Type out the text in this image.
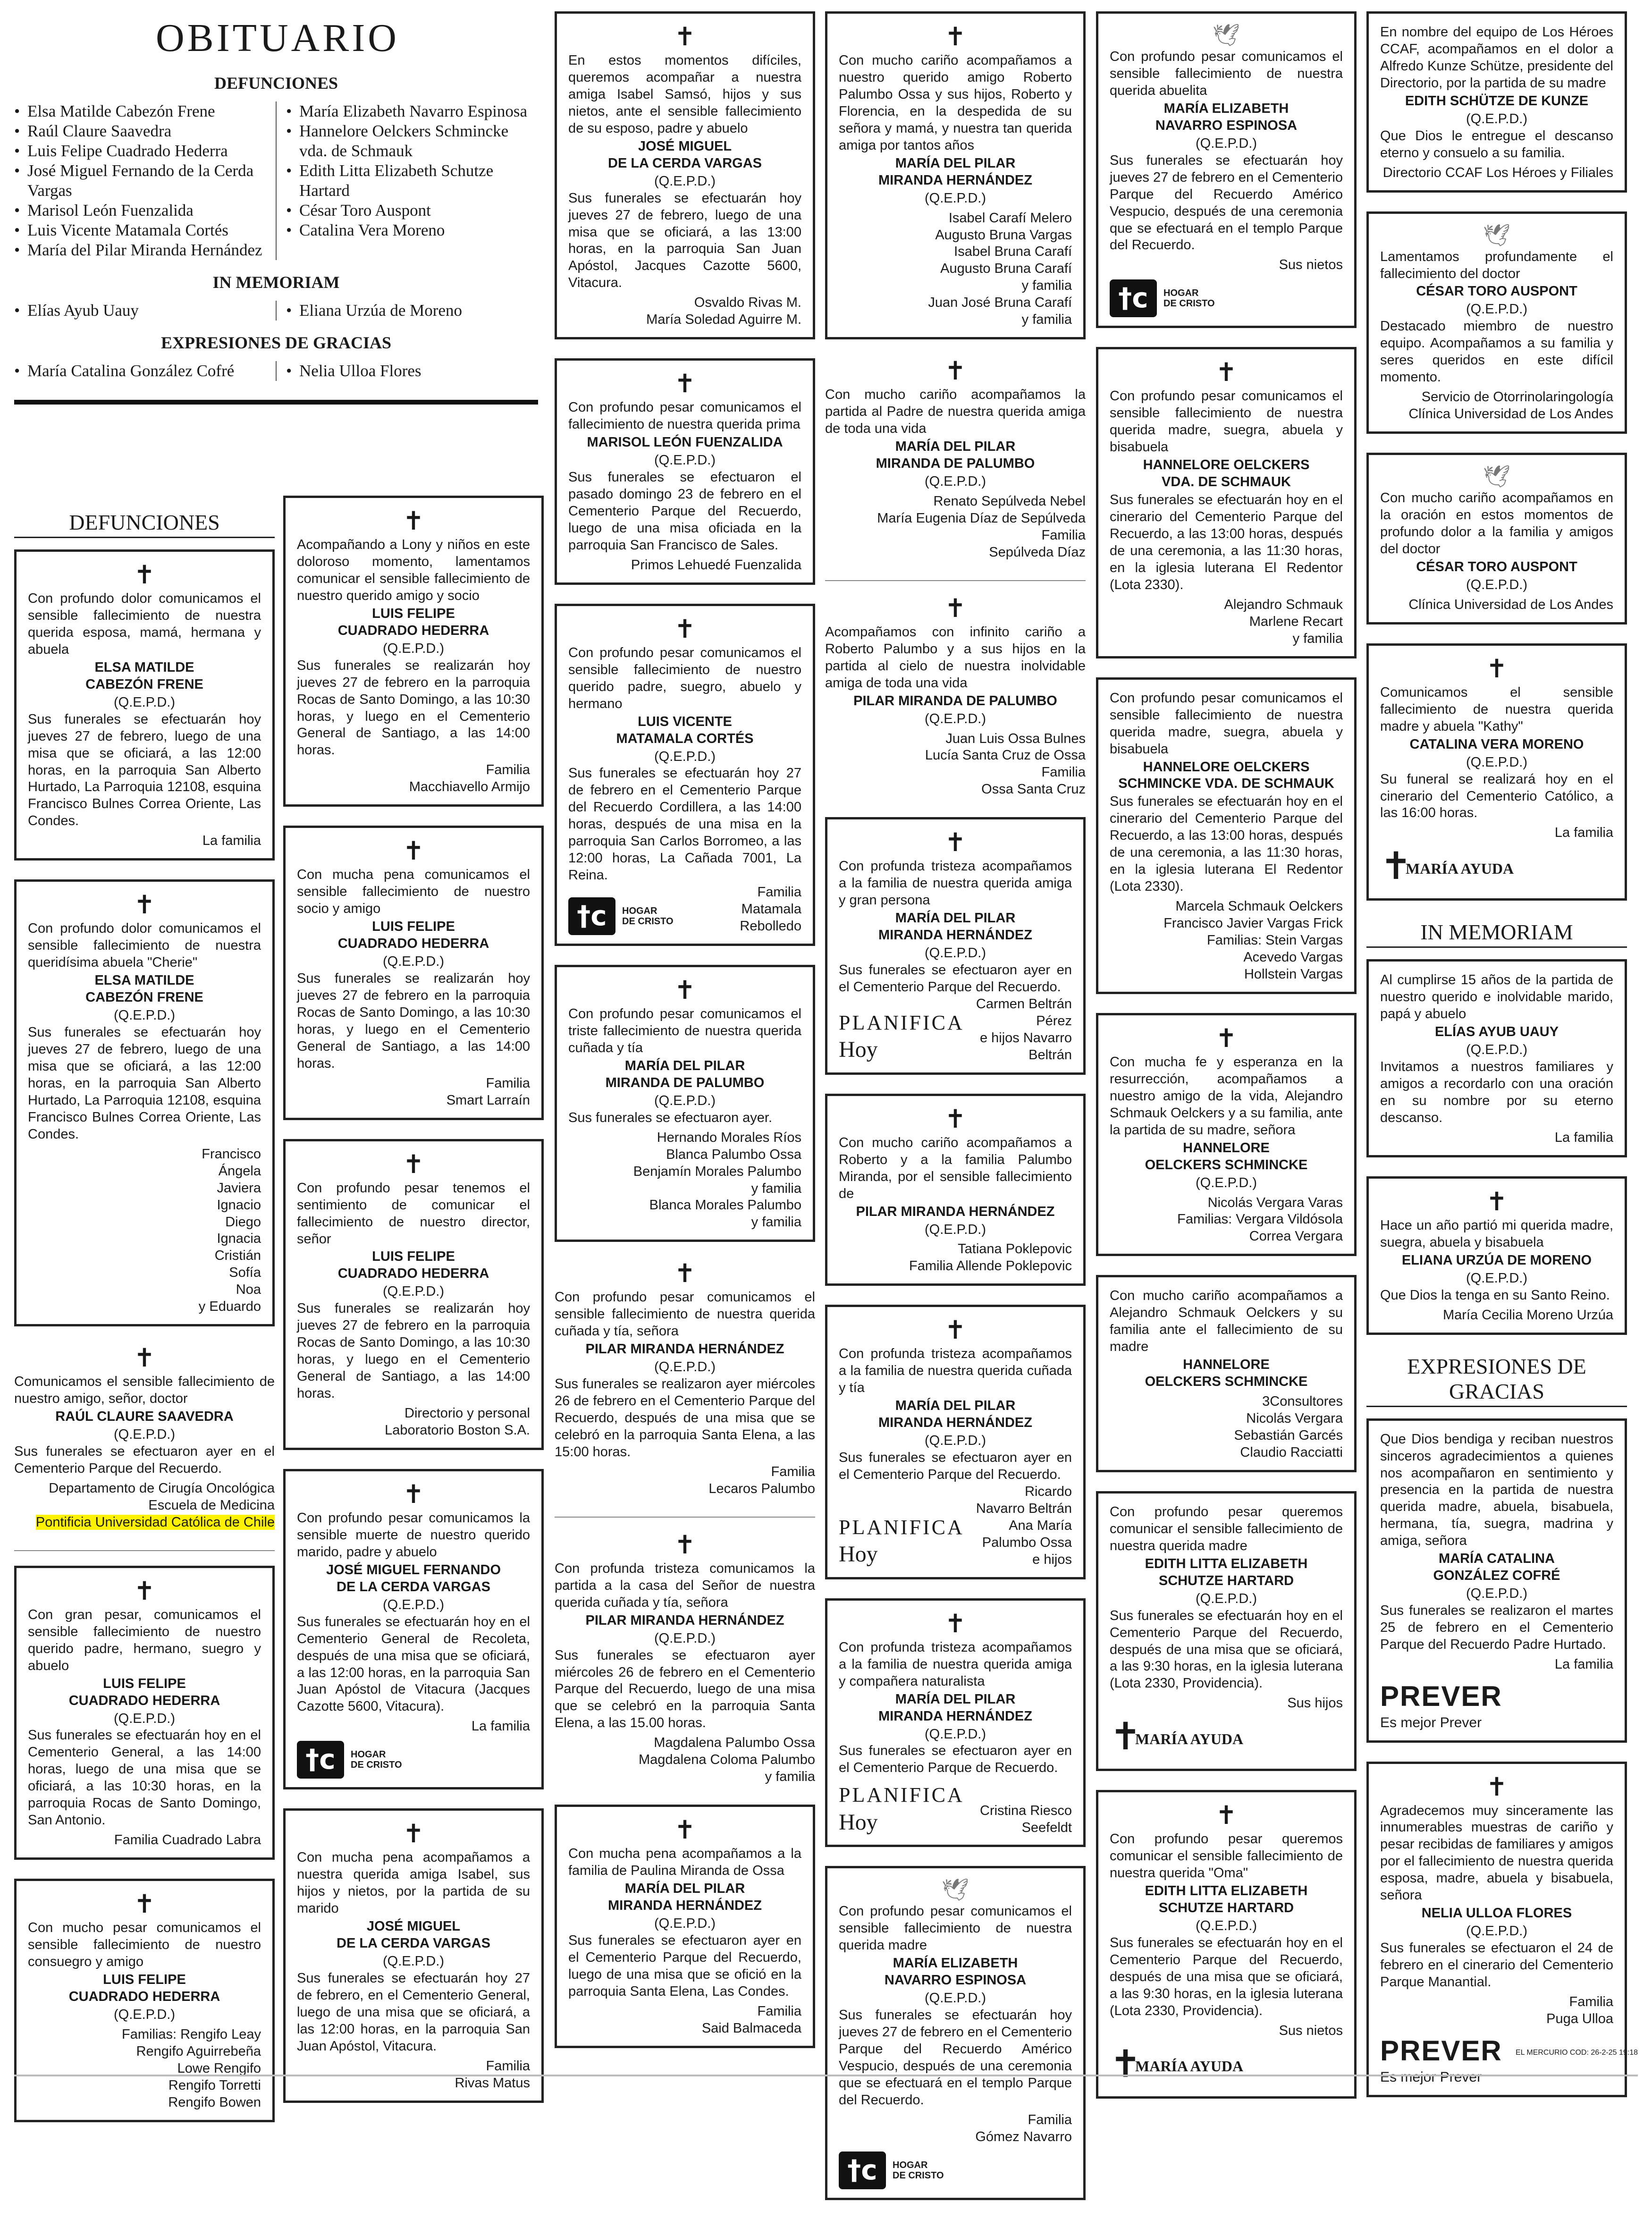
OBITUARIO
DEFUNCIONES
• Elsa Matilde Cabezón Frene
• Raúl Claure Saavedra
• Luis Felipe Cuadrado Hederra
• José Miguel Fernando de la Cerda Vargas
• Marisol León Fuenzalida
• Luis Vicente Matamala Cortés
• María del Pilar Miranda Hernández
• María Elizabeth Navarro Espinosa
• Hannelore Oelckers Schmincke vda. de Schmauk
• Edith Litta Elizabeth Schutze Hartard
• César Toro Auspont
• Catalina Vera Moreno
IN MEMORIAM
• Elías Ayub Uauy	• Eliana Urzúa de Moreno
EXPRESIONES DE GRACIAS
• María Catalina González Cofré	• Nelia Ulloa Flores
DEFUNCIONES
✝

Con profundo dolor comunicamos el sensible fallecimiento de nuestra querida esposa, mamá, hermana y abuela

ELSA MATILDE
CABEZÓN FRENE
(Q.E.P.D.)

Sus funerales se efectuarán hoy jueves 27 de febrero, luego de una misa que se oficiará, a las 12:00 horas, en la parroquia San Alberto Hurtado, La Parroquia 12108, esquina Francisco Bulnes Correa Oriente, Las Condes.

La familia
✝

Con profundo dolor comunicamos el sensible fallecimiento de nuestra queridísima abuela "Cherie"

ELSA MATILDE
CABEZÓN FRENE
(Q.E.P.D.)

Sus funerales se efectuarán hoy jueves 27 de febrero, luego de una misa que se oficiará, a las 12:00 horas, en la parroquia San Alberto Hurtado, La Parroquia 12108, esquina Francisco Bulnes Correa Oriente, Las Condes.

Francisco
Ángela
Javiera
Ignacio
Diego
Ignacia
Cristián
Sofía
Noa
y Eduardo
✝

Comunicamos el sensible fallecimiento de nuestro amigo, señor, doctor

RAÚL CLAURE SAAVEDRA
(Q.E.P.D.)

Sus funerales se efectuaron ayer en el Cementerio Parque del Recuerdo.

Departamento de Cirugía Oncológica
Escuela de Medicina
Pontificia Universidad Católica de Chile
✝

Con gran pesar, comunicamos el sensible fallecimiento de nuestro querido padre, hermano, suegro y abuelo

LUIS FELIPE
CUADRADO HEDERRA
(Q.E.P.D.)

Sus funerales se efectuarán hoy en el Cementerio General, a las 14:00 horas, luego de una misa que se oficiará, a las 10:30 horas, en la parroquia Rocas de Santo Domingo, San Antonio.

Familia Cuadrado Labra
✝

Con mucho pesar comunicamos el sensible fallecimiento de nuestro consuegro y amigo

LUIS FELIPE
CUADRADO HEDERRA
(Q.E.P.D.)
Familias: Rengifo Leay
Rengifo Aguirrebeña
Lowe Rengifo
Rengifo Torretti
Rengifo Bowen
✝

Acompañando a Lony y niños en este doloroso momento, lamentamos comunicar el sensible fallecimiento de nuestro querido amigo y socio

LUIS FELIPE
CUADRADO HEDERRA
(Q.E.P.D.)

Sus funerales se realizarán hoy jueves 27 de febrero en la parroquia Rocas de Santo Domingo, a las 10:30 horas, y luego en el Cementerio General de Santiago, a las 14:00 horas.

Familia
Macchiavello Armijo
✝

Con mucha pena comunicamos el sensible fallecimiento de nuestro socio y amigo

LUIS FELIPE
CUADRADO HEDERRA
(Q.E.P.D.)

Sus funerales se realizarán hoy jueves 27 de febrero en la parroquia Rocas de Santo Domingo, a las 10:30 horas, y luego en el Cementerio General de Santiago, a las 14:00 horas.

Familia
Smart Larraín
✝

Con profundo pesar tenemos el sentimiento de comunicar el fallecimiento de nuestro director, señor

LUIS FELIPE
CUADRADO HEDERRA
(Q.E.P.D.)

Sus funerales se realizarán hoy jueves 27 de febrero en la parroquia Rocas de Santo Domingo, a las 10:30 horas, y luego en el Cementerio General de Santiago, a las 14:00 horas.

Directorio y personal
Laboratorio Boston S.A.
✝

Con profundo pesar comunicamos la sensible muerte de nuestro querido marido, padre y abuelo

JOSÉ MIGUEL FERNANDO
DE LA CERDA VARGAS
(Q.E.P.D.)

Sus funerales se efectuarán hoy en el Cementerio General de Recoleta, después de una misa que se oficiará, a las 12:00 horas, en la parroquia San Juan Apóstol de Vitacura (Jacques Cazotte 5600, Vitacura).

La familia
†c	HOGAR
DE CRISTO
✝

Con mucha pena acompañamos a nuestra querida amiga Isabel, sus hijos y nietos, por la partida de su marido

JOSÉ MIGUEL
DE LA CERDA VARGAS
(Q.E.P.D.)

Sus funerales se efectuarán hoy 27 de febrero, en el Cementerio General, luego de una misa que se oficiará, a las 12:00 horas, en la parroquia San Juan Apóstol, Vitacura.

Familia
Rivas Matus
✝

En estos momentos difíciles, queremos acompañar a nuestra amiga Isabel Samsó, hijos y sus nietos, ante el sensible fallecimiento de su esposo, padre y abuelo

JOSÉ MIGUEL
DE LA CERDA VARGAS
(Q.E.P.D.)

Sus funerales se efectuarán hoy jueves 27 de febrero, luego de una misa que se oficiará, a las 13:00 horas, en la parroquia San Juan Apóstol, Jacques Cazotte 5600, Vitacura.

Osvaldo Rivas M.
María Soledad Aguirre M.
✝

Con profundo pesar comunicamos el fallecimiento de nuestra querida prima

MARISOL LEÓN FUENZALIDA
(Q.E.P.D.)

Sus funerales se efectuaron el pasado domingo 23 de febrero en el Cementerio Parque del Recuerdo, luego de una misa oficiada en la parroquia San Francisco de Sales.

Primos Lehuedé Fuenzalida
✝

Con profundo pesar comunicamos el sensible fallecimiento de nuestro querido padre, suegro, abuelo y hermano

LUIS VICENTE
MATAMALA CORTÉS
(Q.E.P.D.)

Sus funerales se efectuarán hoy 27 de febrero en el Cementerio Parque del Recuerdo Cordillera, a las 14:00 horas, después de una misa en la parroquia San Carlos Borromeo, a las 12:00 horas, La Cañada 7001, La Reina.

†c	HOGAR
DE CRISTO
Familia
Matamala
Rebolledo
✝

Con profundo pesar comunicamos el triste fallecimiento de nuestra querida cuñada y tía

MARÍA DEL PILAR
MIRANDA DE PALUMBO
(Q.E.P.D.)

Sus funerales se efectuaron ayer.

Hernando Morales Ríos
Blanca Palumbo Ossa
Benjamín Morales Palumbo
y familia
Blanca Morales Palumbo
y familia
✝

Con profundo pesar comunicamos el sensible fallecimiento de nuestra querida cuñada y tía, señora

PILAR MIRANDA HERNÁNDEZ
(Q.E.P.D.)

Sus funerales se realizaron ayer miércoles 26 de febrero en el Cementerio Parque del Recuerdo, después de una misa que se celebró en la parroquia Santa Elena, a las 15:00 horas.

Familia
Lecaros Palumbo
✝

Con profunda tristeza comunicamos la partida a la casa del Señor de nuestra querida cuñada y tía, señora

PILAR MIRANDA HERNÁNDEZ
(Q.E.P.D.)

Sus funerales se efectuaron ayer miércoles 26 de febrero en el Cementerio Parque del Recuerdo, luego de una misa que se celebró en la parroquia Santa Elena, a las 15.00 horas.

Magdalena Palumbo Ossa
Magdalena Coloma Palumbo
y familia
✝

Con mucha pena acompañamos a la familia de Paulina Miranda de Ossa

MARÍA DEL PILAR
MIRANDA HERNÁNDEZ
(Q.E.P.D.)

Sus funerales se efectuaron ayer en el Cementerio Parque del Recuerdo, luego de una misa que se ofició en la parroquia Santa Elena, Las Condes.

Familia
Said Balmaceda
✝

Con mucho cariño acompañamos a nuestro querido amigo Roberto Palumbo Ossa y sus hijos, Roberto y Florencia, en la despedida de su señora y mamá, y nuestra tan querida amiga por tantos años

MARÍA DEL PILAR
MIRANDA HERNÁNDEZ
(Q.E.P.D.)
Isabel Carafí Melero
Augusto Bruna Vargas
Isabel Bruna Carafí
Augusto Bruna Carafí
y familia
Juan José Bruna Carafí
y familia
✝

Con mucho cariño acompañamos la partida al Padre de nuestra querida amiga de toda una vida

MARÍA DEL PILAR
MIRANDA DE PALUMBO
(Q.E.P.D.)
Renato Sepúlveda Nebel
María Eugenia Díaz de Sepúlveda
Familia
Sepúlveda Díaz
✝

Acompañamos con infinito cariño a Roberto Palumbo y a sus hijos en la partida al cielo de nuestra inolvidable amiga de toda una vida

PILAR MIRANDA DE PALUMBO
(Q.E.P.D.)
Juan Luis Ossa Bulnes
Lucía Santa Cruz de Ossa
Familia
Ossa Santa Cruz
✝

Con profunda tristeza acompañamos a la familia de nuestra querida amiga y gran persona

MARÍA DEL PILAR
MIRANDA HERNÁNDEZ
(Q.E.P.D.)

Sus funerales se efectuaron ayer en el Cementerio Parque del Recuerdo.

PLANIFICA
Hoy
Carmen Beltrán
Pérez
e hijos Navarro
Beltrán
✝

Con mucho cariño acompañamos a Roberto y a la familia Palumbo Miranda, por el sensible fallecimiento de

PILAR MIRANDA HERNÁNDEZ
(Q.E.P.D.)
Tatiana Poklepovic
Familia Allende Poklepovic
✝

Con profunda tristeza acompañamos a la familia de nuestra querida cuñada y tía

MARÍA DEL PILAR
MIRANDA HERNÁNDEZ
(Q.E.P.D.)

Sus funerales se efectuaron ayer en el Cementerio Parque del Recuerdo.

PLANIFICA
Hoy
Ricardo
Navarro Beltrán
Ana María
Palumbo Ossa
e hijos
✝

Con profunda tristeza acompañamos a la familia de nuestra querida amiga y compañera naturalista

MARÍA DEL PILAR
MIRANDA HERNÁNDEZ
(Q.E.P.D.)

Sus funerales se efectuaron ayer en el Cementerio Parque de Recuerdo.

PLANIFICA
Hoy	Cristina Riesco
Seefeldt
🕊

Con profundo pesar comunicamos el sensible fallecimiento de nuestra querida madre

MARÍA ELIZABETH
NAVARRO ESPINOSA
(Q.E.P.D.)

Sus funerales se efectuarán hoy jueves 27 de febrero en el Cementerio Parque del Recuerdo Américo Vespucio, después de una ceremonia que se efectuará en el templo Parque del Recuerdo.

Familia
Gómez Navarro
†c	HOGAR
DE CRISTO
🕊

Con profundo pesar comunicamos el sensible fallecimiento de nuestra querida abuelita

MARÍA ELIZABETH
NAVARRO ESPINOSA
(Q.E.P.D.)

Sus funerales se efectuarán hoy jueves 27 de febrero en el Cementerio Parque del Recuerdo Américo Vespucio, después de una ceremonia que se efectuará en el templo Parque del Recuerdo.

Sus nietos
†c	HOGAR
DE CRISTO
✝

Con profundo pesar comunicamos el sensible fallecimiento de nuestra querida madre, suegra, abuela y bisabuela

HANNELORE OELCKERS
VDA. DE SCHMAUK

Sus funerales se efectuarán hoy en el cinerario del Cementerio Parque del Recuerdo, a las 13:00 horas, después de una ceremonia, a las 11:30 horas, en la iglesia luterana El Redentor (Lota 2330).

Alejandro Schmauk
Marlene Recart
y familia

Con profundo pesar comunicamos el sensible fallecimiento de nuestra querida madre, suegra, abuela y bisabuela

HANNELORE OELCKERS
SCHMINCKE VDA. DE SCHMAUK

Sus funerales se efectuarán hoy en el cinerario del Cementerio Parque del Recuerdo, a las 13:00 horas, después de una ceremonia, a las 11:30 horas, en la iglesia luterana El Redentor (Lota 2330).

Marcela Schmauk Oelckers
Francisco Javier Vargas Frick
Familias: Stein Vargas
Acevedo Vargas
Hollstein Vargas
✝

Con mucha fe y esperanza en la resurrección, acompañamos a nuestro amigo de la vida, Alejandro Schmauk Oelckers y a su familia, ante la partida de su madre, señora

HANNELORE
OELCKERS SCHMINCKE
(Q.E.P.D.)
Nicolás Vergara Varas
Familias: Vergara Vildósola
Correa Vergara

Con mucho cariño acompañamos a Alejandro Schmauk Oelckers y su familia ante el fallecimiento de su madre

HANNELORE
OELCKERS SCHMINCKE
3Consultores
Nicolás Vergara
Sebastián Garcés
Claudio Racciatti

Con profundo pesar queremos comunicar el sensible fallecimiento de nuestra querida madre

EDITH LITTA ELIZABETH
SCHUTZE HARTARD
(Q.E.P.D.)

Sus funerales se efectuarán hoy en el Cementerio Parque del Recuerdo, después de una misa que se oficiará, a las 9:30 horas, en la iglesia luterana (Lota 2330, Providencia).

Sus hijos
✝
MARÍA AYUDA
✝

Con profundo pesar queremos comunicar el sensible fallecimiento de nuestra querida "Oma"

EDITH LITTA ELIZABETH
SCHUTZE HARTARD
(Q.E.P.D.)

Sus funerales se efectuarán hoy en el Cementerio Parque del Recuerdo, después de una misa que se oficiará, a las 9:30 horas, en la iglesia luterana (Lota 2330, Providencia).

Sus nietos
✝
MARÍA AYUDA

En nombre del equipo de Los Héroes CCAF, acompañamos en el dolor a Alfredo Kunze Schütze, presidente del Directorio, por la partida de su madre

EDITH SCHÜTZE DE KUNZE
(Q.E.P.D.)

Que Dios le entregue el descanso eterno y consuelo a su familia.

Directorio CCAF Los Héroes y Filiales
🕊

Lamentamos profundamente el fallecimiento del doctor

CÉSAR TORO AUSPONT
(Q.E.P.D.)

Destacado miembro de nuestro equipo. Acompañamos a su familia y seres queridos en este difícil momento.

Servicio de Otorrinolaringología
Clínica Universidad de Los Andes
🕊

Con mucho cariño acompañamos en la oración en estos momentos de profundo dolor a la familia y amigos del doctor

CÉSAR TORO AUSPONT
(Q.E.P.D.)
Clínica Universidad de Los Andes
✝

Comunicamos el sensible fallecimiento de nuestra querida madre y abuela "Kathy"

CATALINA VERA MORENO
(Q.E.P.D.)

Su funeral se realizará hoy en el cinerario del Cementerio Católico, a las 16:00 horas.

La familia
✝
MARÍA AYUDA
IN MEMORIAM

Al cumplirse 15 años de la partida de nuestro querido e inolvidable marido, papá y abuelo

ELÍAS AYUB UAUY
(Q.E.P.D.)

Invitamos a nuestros familiares y amigos a recordarlo con una oración en su nombre por su eterno descanso.

La familia
✝

Hace un año partió mi querida madre, suegra, abuela y bisabuela

ELIANA URZÚA DE MORENO
(Q.E.P.D.)

Que Dios la tenga en su Santo Reino.

María Cecilia Moreno Urzúa
EXPRESIONES DE GRACIAS

Que Dios bendiga y reciban nuestros sinceros agradecimientos a quienes nos acompañaron en sentimiento y presencia en la partida de nuestra querida madre, abuela, bisabuela, hermana, tía, suegra, madrina y amiga, señora

MARÍA CATALINA
GONZÁLEZ COFRÉ
(Q.E.P.D.)

Sus funerales se realizaron el martes 25 de febrero en el Cementerio Parque del Recuerdo Padre Hurtado.

La familia
PREVER
Es mejor Prever
✝

Agradecemos muy sinceramente las innumerables muestras de cariño y pesar recibidas de familiares y amigos por el fallecimiento de nuestra querida esposa, madre, abuela y bisabuela, señora

NELIA ULLOA FLORES
(Q.E.P.D.)

Sus funerales se efectuaron el 24 de febrero en el cinerario del Cementerio Parque Manantial.

Familia
Puga Ulloa
PREVER
Es mejor Prever
EL MERCURIO COD: 26-2-25 19:18
